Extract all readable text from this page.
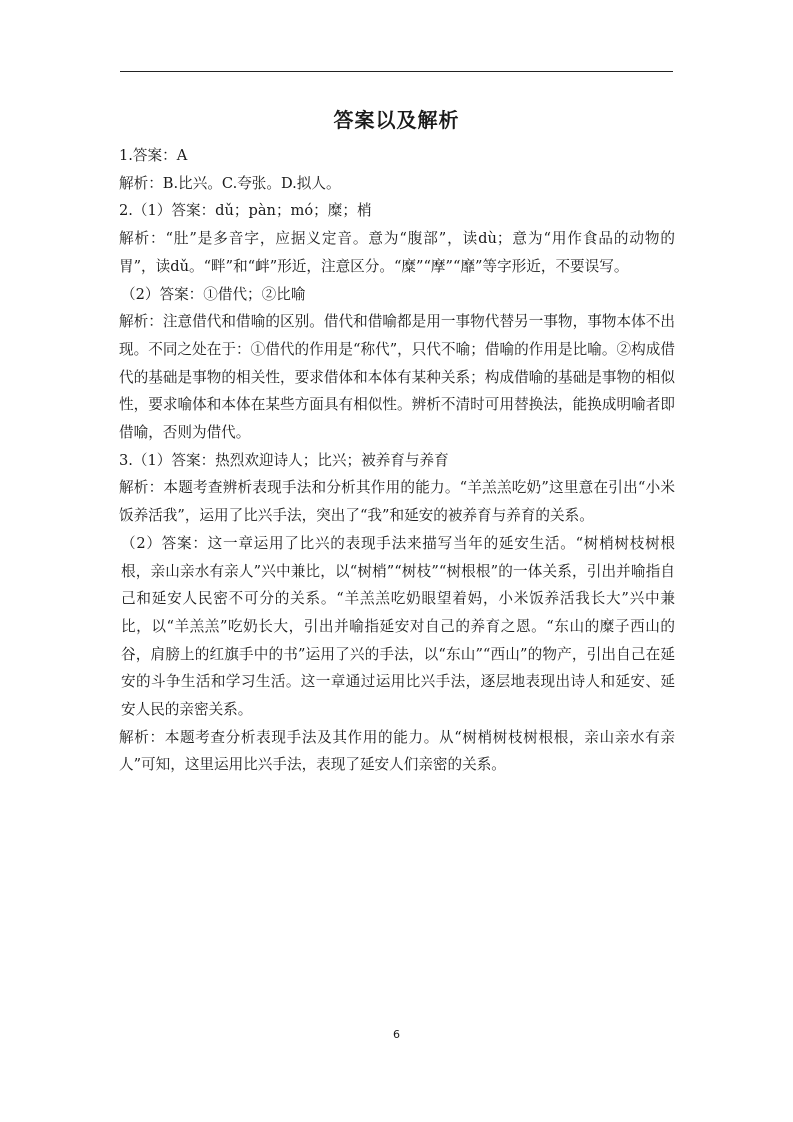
答案以及解析

1.答案：A

解析：B.比兴。C.夸张。D.拟人。

2.（1）答案：dǔ；pàn；mó；糜；梢

解析：“肚”是多音字，应据义定音。意为“腹部”，读dù；意为“用作食品的动物的胃”，读dǔ。“畔”和“衅”形近，注意区分。“糜”“摩”“靡”等字形近，不要误写。

（2）答案：①借代；②比喻

解析：注意借代和借喻的区别。借代和借喻都是用一事物代替另一事物，事物本体不出现。不同之处在于：①借代的作用是“称代”，只代不喻；借喻的作用是比喻。②构成借代的基础是事物的相关性，要求借体和本体有某种关系；构成借喻的基础是事物的相似性，要求喻体和本体在某些方面具有相似性。辨析不清时可用替换法，能换成明喻者即借喻，否则为借代。

3.（1）答案：热烈欢迎诗人；比兴；被养育与养育

解析：本题考查辨析表现手法和分析其作用的能力。“羊羔羔吃奶”这里意在引出“小米饭养活我”，运用了比兴手法，突出了“我”和延安的被养育与养育的关系。

（2）答案：这一章运用了比兴的表现手法来描写当年的延安生活。“树梢树枝树根根，亲山亲水有亲人”兴中兼比，以“树梢”“树枝”“树根根”的一体关系，引出并喻指自己和延安人民密不可分的关系。“羊羔羔吃奶眼望着妈，小米饭养活我长大”兴中兼比，以“羊羔羔”吃奶长大，引出并喻指延安对自己的养育之恩。“东山的糜子西山的谷，肩膀上的红旗手中的书”运用了兴的手法，以“东山”“西山”的物产，引出自己在延安的斗争生活和学习生活。这一章通过运用比兴手法，逐层地表现出诗人和延安、延安人民的亲密关系。

解析：本题考查分析表现手法及其作用的能力。从“树梢树枝树根根，亲山亲水有亲人”可知，这里运用比兴手法，表现了延安人们亲密的关系。

6
